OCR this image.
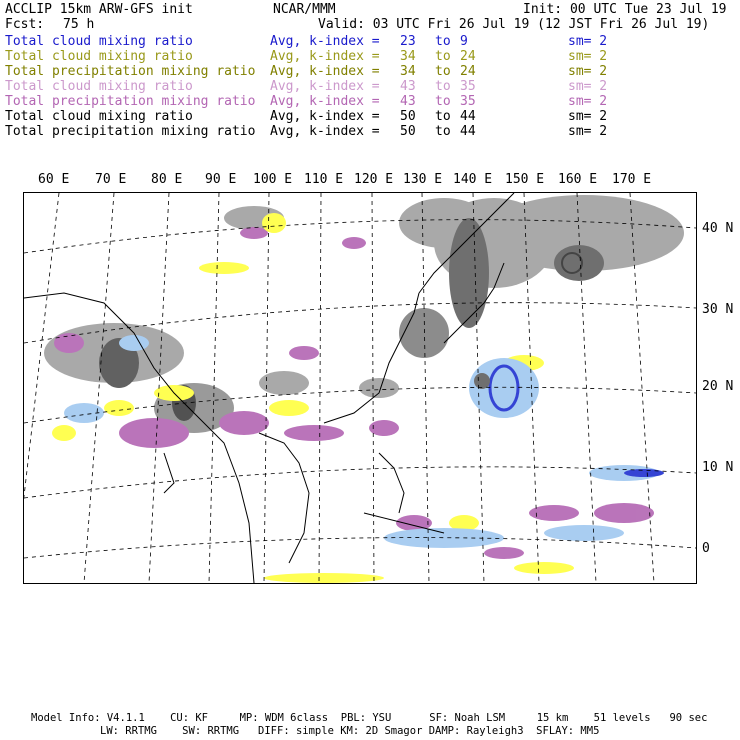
ACCLIP 15km ARW-GFS init	NCAR/MMM	Init: 00 UTC Tue 23 Jul 19
Fcst: 75 h	Valid: 03 UTC Fri 26 Jul 19 (12 JST Fri 26 Jul 19)
Total cloud mixing ratio	Avg, k-index = 23 to 9	sm= 2
Total cloud mixing ratio	Avg, k-index = 34 to 24	sm= 2
Total precipitation mixing ratio Avg, k-index = 34 to 24	sm= 2
Total cloud mixing ratio	Avg, k-index = 43 to 35	sm= 2
Total precipitation mixing ratio Avg, k-index = 43 to 35	sm= 2
Total cloud mixing ratio	Avg, k-index = 50 to 44	sm= 2
Total precipitation mixing ratio Avg, k-index = 50 to 44	sm= 2
60 E 70 E 80 E 90 E 100 E 110 E 120 E 130 E 140 E 150 E 160 E 170 E
40 N
30 N
20 N
10 N
0
Model Info: V4.1.1    CU: KF     MP: WDM 6class  PBL: YSU      SF: Noah LSM     15 km    51 levels   90 sec
LW: RRTMG    SW: RRTMG   DIFF: simple KM: 2D Smagor DAMP: Rayleigh3  SFLAY: MM5
